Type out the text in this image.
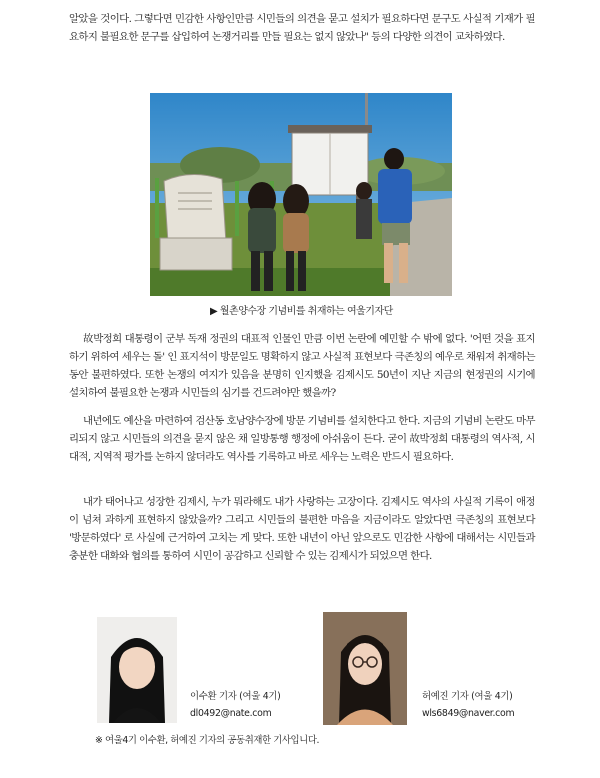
알았을 것이다. 그렇다면 민감한 사항인만큼 시민들의 의견을 묻고 설치가 필요하다면 문구도 사실적 기재가 필요하지 불필요한 문구를 삽입하여 논쟁거리를 만들 필요는 없지 않았나" 등의 다양한 의견이 교차하였다.

▶ 월촌양수장 기념비를 취재하는 여울기자단

故박정희 대통령이 군부 독재 정권의 대표적 인물인 만큼 이번 논란에 예민할 수 밖에 없다. '어떤 것을 표지하기 위하여 세우는 돌' 인 표지석이 방문일도 명확하지 않고 사실적 표현보다 극존칭의 예우로 채워져 취재하는 동안 불편하였다. 또한 논쟁의 여지가 있음을 분명히 인지했을 김제시도 50년이 지난 지금의 현정권의 시기에 설치하여 불필요한 논쟁과 시민들의 심기를 건드려야만 했을까?

내년에도 예산을 마련하여 검산동 호남양수장에 방문 기념비를 설치한다고 한다. 지금의 기념비 논란도 마무리되지 않고 시민들의 의견을 묻지 않은 채 일방통행 행정에 아쉬움이 든다. 굳이 故박정희 대통령의 역사적, 시대적, 지역적 평가를 논하지 않더라도 역사를 기록하고 바로 세우는 노력은 반드시 필요하다.

내가 태어나고 성장한 김제시, 누가 뭐라해도 내가 사랑하는 고장이다. 김제시도 역사의 사실적 기록이 애정이 넘쳐 과하게 표현하지 않았을까? 그리고 시민들의 불편한 마음을 지금이라도 알았다면 극존칭의 표현보다 '방문하였다' 로 사실에 근거하여 고치는 게 맞다. 또한 내년이 아닌 앞으로도 민감한 사항에 대해서는 시민들과 충분한 대화와 협의를 통하여 시민이 공감하고 신뢰할 수 있는 김제시가 되었으면 한다.

이수환 기자 (여울 4기)
dl0492@nate.com
허예진 기자 (여울 4기)
wls6849@naver.com
※ 여울4기 이수환, 허예진 기자의 공동취재한 기사입니다.
